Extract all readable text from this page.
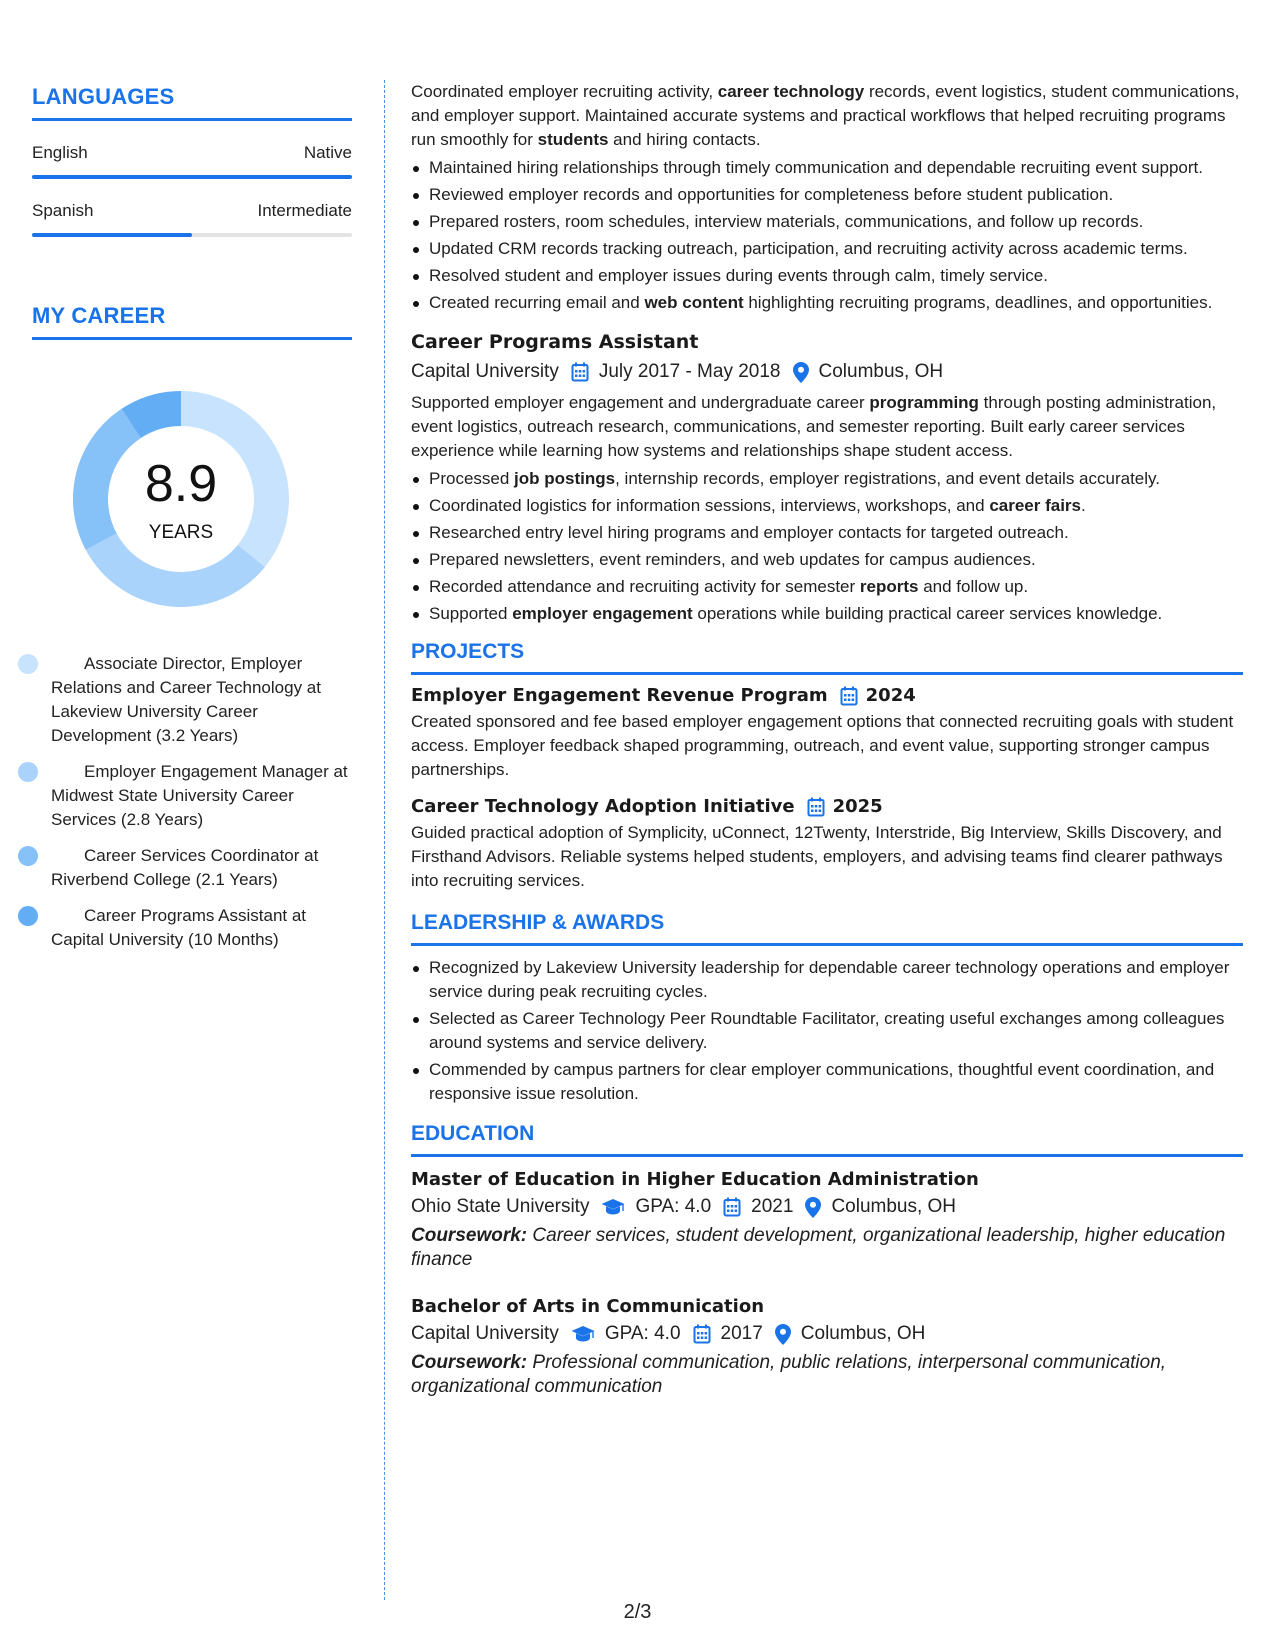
LANGUAGES
English	Native
Spanish	Intermediate
MY CAREER
8.9
YEARS
Associate Director, Employer Relations and Career Technology at Lakeview University Career Development (3.2 Years)
Employer Engagement Manager at Midwest State University Career Services (2.8 Years)
Career Services Coordinator at Riverbend College (2.1 Years)
Career Programs Assistant at Capital University (10 Months)

Coordinated employer recruiting activity, career technology records, event logistics, student communications, and employer support. Maintained accurate systems and practical workflows that helped recruiting programs run smoothly for students and hiring contacts.

Maintained hiring relationships through timely communication and dependable recruiting event support.
Reviewed employer records and opportunities for completeness before student publication.
Prepared rosters, room schedules, interview materials, communications, and follow up records.
Updated CRM records tracking outreach, participation, and recruiting activity across academic terms.
Resolved student and employer issues during events through calm, timely service.
Created recurring email and web content highlighting recruiting programs, deadlines, and opportunities.
Career Programs Assistant
Capital University July 2017 - May 2018 Columbus, OH

Supported employer engagement and undergraduate career programming through posting administration, event logistics, outreach research, communications, and semester reporting. Built early career services experience while learning how systems and relationships shape student access.

Processed job postings, internship records, employer registrations, and event details accurately.
Coordinated logistics for information sessions, interviews, workshops, and career fairs.
Researched entry level hiring programs and employer contacts for targeted outreach.
Prepared newsletters, event reminders, and web updates for campus audiences.
Recorded attendance and recruiting activity for semester reports and follow up.
Supported employer engagement operations while building practical career services knowledge.
PROJECTS
Employer Engagement Revenue Program 2024

Created sponsored and fee based employer engagement options that connected recruiting goals with student access. Employer feedback shaped programming, outreach, and event value, supporting stronger campus partnerships.

Career Technology Adoption Initiative 2025

Guided practical adoption of Symplicity, uConnect, 12Twenty, Interstride, Big Interview, Skills Discovery, and Firsthand Advisors. Reliable systems helped students, employers, and advising teams find clearer pathways into recruiting services.

LEADERSHIP & AWARDS
Recognized by Lakeview University leadership for dependable career technology operations and employer service during peak recruiting cycles.
Selected as Career Technology Peer Roundtable Facilitator, creating useful exchanges among colleagues around systems and service delivery.
Commended by campus partners for clear employer communications, thoughtful event coordination, and responsive issue resolution.
EDUCATION
Master of Education in Higher Education Administration
Ohio State University GPA: 4.0 2021 Columbus, OH

Coursework: Career services, student development, organizational leadership, higher education finance

Bachelor of Arts in Communication
Capital University GPA: 4.0 2017 Columbus, OH

Coursework: Professional communication, public relations, interpersonal communication, organizational communication

2/3
